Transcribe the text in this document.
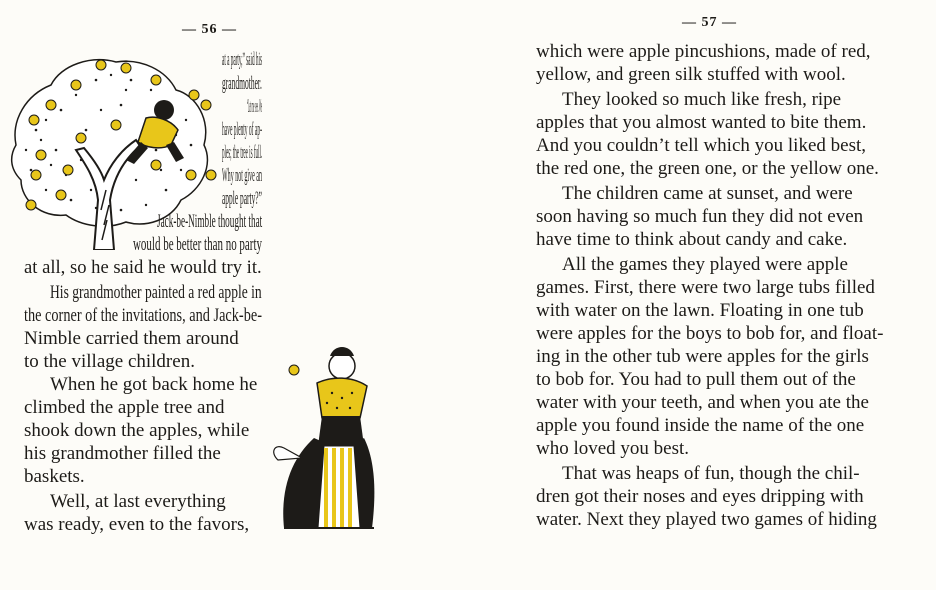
— 56 —
at a party,” said his
grandmother.
“Let me see. We
have plenty of ap-
ples; the tree is full.
Why not give an
apple party?”
Jack-be-Nimble thought that
would be better than no party
at all, so he said he would try it.
His grandmother painted a red apple in
the corner of the invitations, and Jack-be-
Nimble carried them around
to the village children.
When he got back home he
climbed the apple tree and
shook down the apples, while
his grandmother filled the
baskets.
Well, at last everything
was ready, even to the favors,
— 57 —
which were apple pincushions, made of red,
yellow, and green silk stuffed with wool.
They looked so much like fresh, ripe
apples that you almost wanted to bite them.
And you couldn’t tell which you liked best,
the red one, the green one, or the yellow one.
The children came at sunset, and were
soon having so much fun they did not even
have time to think about candy and cake.
All the games they played were apple
games. First, there were two large tubs filled
with water on the lawn. Floating in one tub
were apples for the boys to bob for, and float-
ing in the other tub were apples for the girls
to bob for. You had to pull them out of the
water with your teeth, and when you ate the
apple you found inside the name of the one
who loved you best.
That was heaps of fun, though the chil-
dren got their noses and eyes dripping with
water. Next they played two games of hiding
